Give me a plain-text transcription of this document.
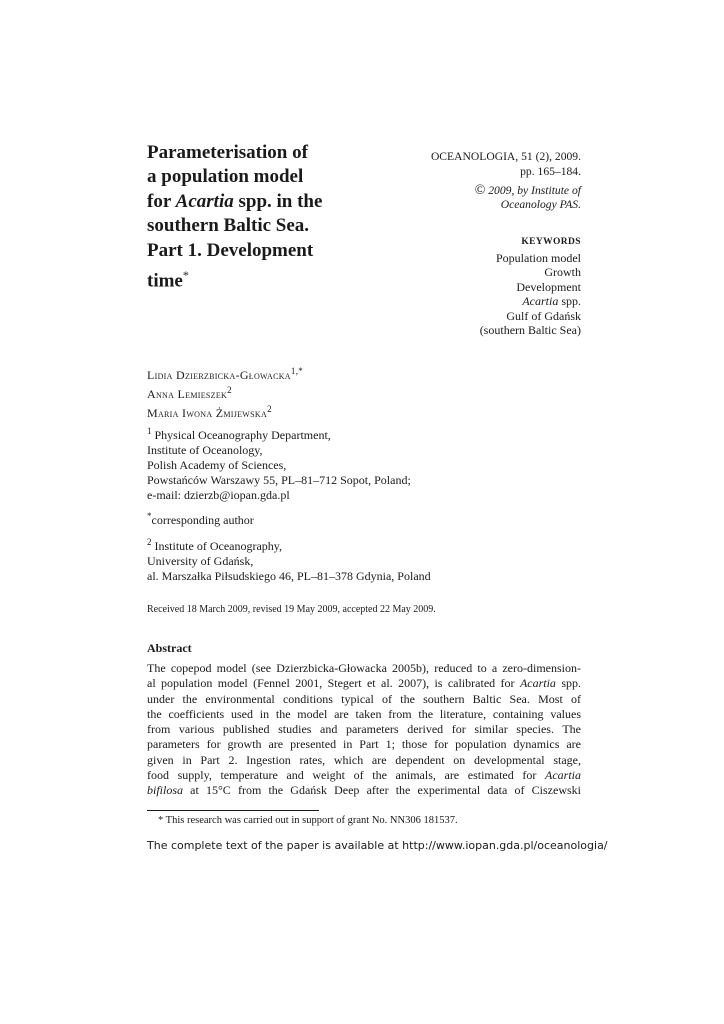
Parameterisation of
a population model
for Acartia spp. in the
southern Baltic Sea.
Part 1. Development
time*
OCEANOLOGIA, 51 (2), 2009.
pp. 165–184.
© 2009, by Institute of
Oceanology PAS.
KEYWORDS
Population model
Growth
Development
Acartia spp.
Gulf of Gdańsk
(southern Baltic Sea)
Lidia Dzierzbicka-Głowacka$^{1,*}$
Anna Lemieszek$^2$
Maria Iwona Żmijewska$^2$
$^1$ Physical Oceanography Department,
Institute of Oceanology,
Polish Academy of Sciences,
Powstańców Warszawy 55, PL–81–712 Sopot, Poland;
e-mail: dzierzb@iopan.gda.pl
*corresponding author
$^2$ Institute of Oceanography,
University of Gdańsk,
al. Marszałka Piłsudskiego 46, PL–81–378 Gdynia, Poland
Received 18 March 2009, revised 19 May 2009, accepted 22 May 2009.
Abstract
The copepod model (see Dzierzbicka-Głowacka 2005b), reduced to a zero-dimension-
al population model (Fennel 2001, Stegert et al. 2007), is calibrated for Acartia spp.
under the environmental conditions typical of the southern Baltic Sea. Most of
the coefficients used in the model are taken from the literature, containing values
from various published studies and parameters derived for similar species. The
parameters for growth are presented in Part 1; those for population dynamics are
given in Part 2. Ingestion rates, which are dependent on developmental stage,
food supply, temperature and weight of the animals, are estimated for Acartia
bifilosa at 15°C from the Gdańsk Deep after the experimental data of Ciszewski
* This research was carried out in support of grant No. NN306 181537.
The complete text of the paper is available at http://www.iopan.gda.pl/oceanologia/
